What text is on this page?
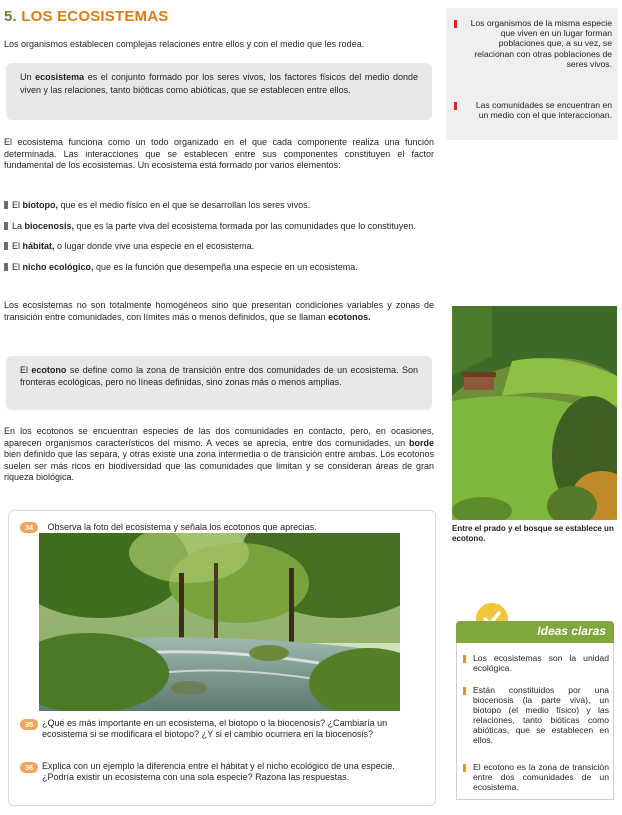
5. LOS ECOSISTEMAS

Los organismos establecen complejas relaciones entre ellos y con el medio que les rodea.

Un ecosistema es el conjunto formado por los seres vivos, los factores físicos del medio donde viven y las relaciones, tanto bióticas como abióticas, que se establecen entre ellos.

El ecosistema funciona como un todo organizado en el que cada componente realiza una función determinada. Las interacciones que se establecen entre sus componentes constituyen el factor fundamental de los ecosistemas. Un ecosistema está formado por varios elementos:

El biotopo, que es el medio físico en el que se desarrollan los seres vivos.

La biocenosis, que es la parte viva del ecosistema formada por las comunidades que lo constituyen.

El hábitat, o lugar donde vive una especie en el ecosistema.

El nicho ecológico, que es la función que desempeña una especie en un ecosistema.

Los ecosistemas no son totalmente homogéneos sino que presentan condiciones variables y zonas de transición entre comunidades, con límites más o menos definidos, que se llaman ecotonos.

El ecotono se define como la zona de transición entre dos comunidades de un ecosistema. Son fronteras ecológicas, pero no líneas definidas, sino zonas más o menos amplias.

En los ecotonos se encuentran especies de las dos comunidades en contacto, pero, en ocasiones, aparecen organismos característicos del mismo. A veces se aprecia, entre dos comunidades, un borde bien definido que las separa, y otras existe una zona intermedia o de transición entre ambas. Los ecotonos suelen ser más ricos en biodiversidad que las comunidades que limitan y se consideran áreas de gran riqueza biológica.

34 Observa la foto del ecosistema y señala los ecotonos que aprecias.
35 ¿Qué es más importante en un ecosistema, el biotopo o la biocenosis? ¿Cambiaría un ecosistema si se modificara el biotopo? ¿Y si el cambio ocurriera en la biocenosis?

36 Explica con un ejemplo la diferencia entre el hábitat y el nicho ecológico de una especie. ¿Podría existir un ecosistema con una sola especie? Razona las respuestas.

Los organismos de la misma especie que viven en un lugar forman poblaciones que, a su vez, se relacionan con otras poblaciones de seres vivos.
Las comunidades se encuentran en un medio con el que interaccionan.
Entre el prado y el bosque se establece un ecotono.
Ideas claras
Los ecosistemas son la unidad ecológica.
Están constituidos por una biocenosis (la parte viva), un biotopo (el medio físico) y las relaciones, tanto bióticas como abióticas, que se establecen en ellos.
El ecotono es la zona de transición entre dos comunidades de un ecosistema.
